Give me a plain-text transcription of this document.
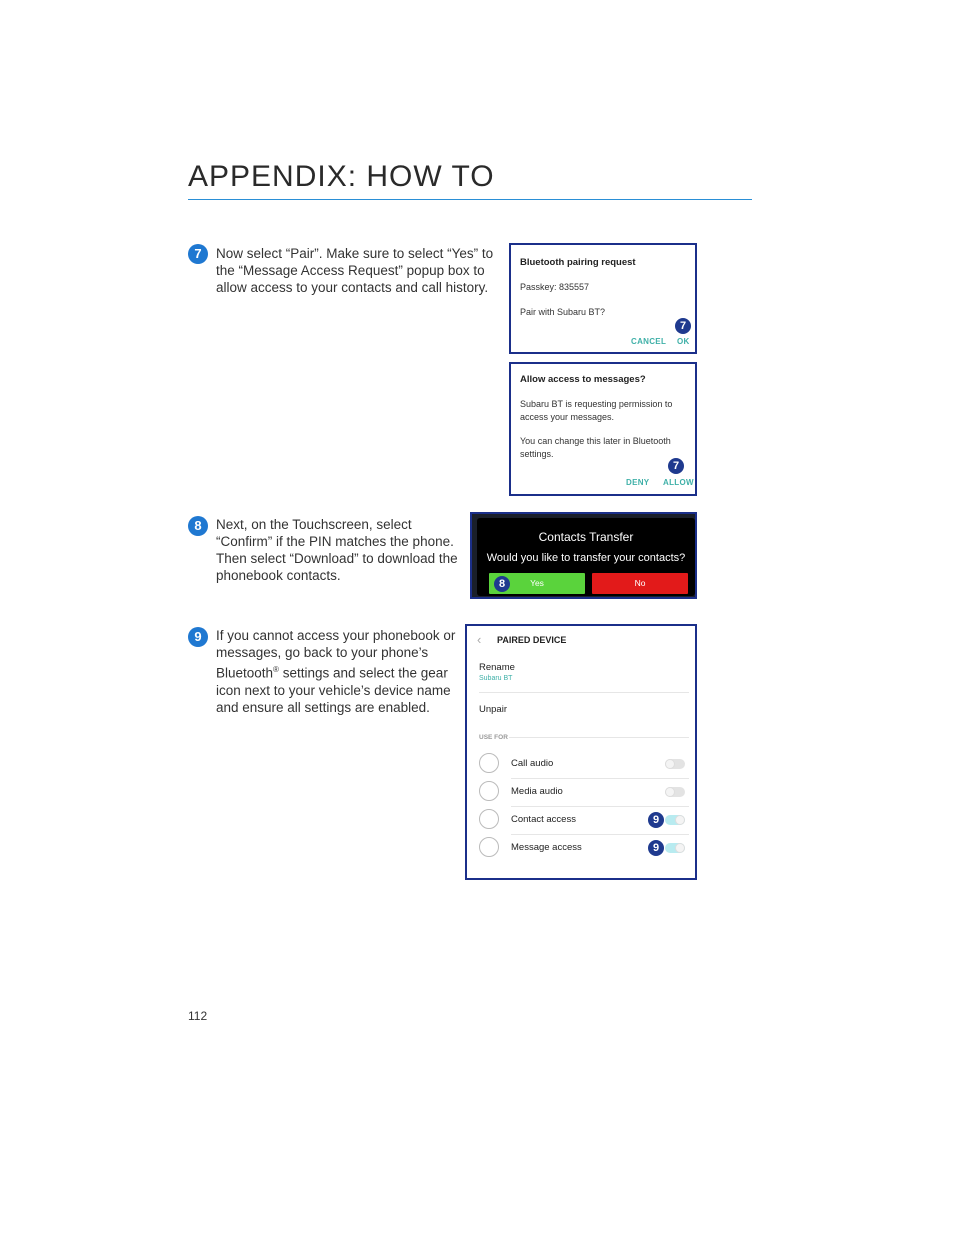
APPENDIX: HOW TO
7	Now select “Pair”. Make sure to select “Yes” to
the “Message Access Request” popup box to
allow access to your contacts and call history.
Bluetooth pairing request
Passkey: 835557
Pair with Subaru BT?
7
CANCEL OK
Allow access to messages?
Subaru BT is requesting permission to
access your messages.
You can change this later in Bluetooth
settings.
7
DENY ALLOW
8	Next, on the Touchscreen, select
“Confirm” if the PIN matches the phone.
Then select “Download” to download the
phonebook contacts.
Contacts Transfer
Would you like to transfer your contacts?
Yes	No
8
9	If you cannot access your phonebook or
messages, go back to your phone’s
Bluetooth® settings and select the gear
icon next to your vehicle’s device name
and ensure all settings are enabled.
‹ PAIRED DEVICE
Rename
Subaru BT
Unpair
USE FOR
Call audio
Media audio
Contact access	9
Message access	9
112
